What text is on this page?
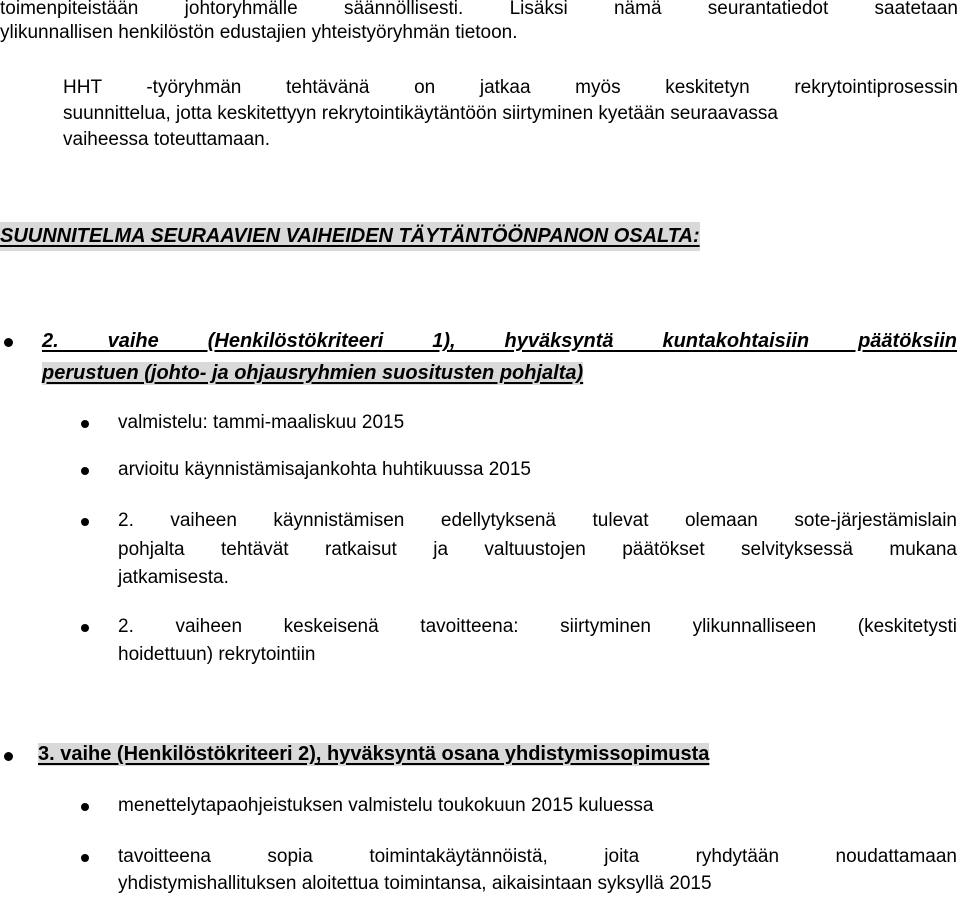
toimenpiteistään johtoryhmälle säännöllisesti. Lisäksi nämä seurantatiedot saatetaan
ylikunnallisen henkilöstön edustajien yhteistyöryhmän tietoon.
HHT -työryhmän tehtävänä on jatkaa myös keskitetyn rekrytointiprosessin
suunnittelua, jotta keskitettyyn rekrytointikäytäntöön siirtyminen kyetään seuraavassa
vaiheessa toteuttamaan.
SUUNNITELMA SEURAAVIEN VAIHEIDEN TÄYTÄNTÖÖNPANON OSALTA:
2. vaihe (Henkilöstökriteeri 1), hyväksyntä kuntakohtaisiin päätöksiin
perustuen (johto- ja ohjausryhmien suositusten pohjalta)
valmistelu: tammi-maaliskuu 2015
arvioitu käynnistämisajankohta huhtikuussa 2015
2. vaiheen käynnistämisen edellytyksenä tulevat olemaan sote-järjestämislain
pohjalta tehtävät ratkaisut ja valtuustojen päätökset selvityksessä mukana
jatkamisesta.
2. vaiheen keskeisenä tavoitteena: siirtyminen ylikunnalliseen (keskitetysti
hoidettuun) rekrytointiin
3. vaihe (Henkilöstökriteeri 2), hyväksyntä osana yhdistymissopimusta
menettelytapaohjeistuksen valmistelu toukokuun 2015 kuluessa
tavoitteena sopia toimintakäytännöistä, joita ryhdytään noudattamaan
yhdistymishallituksen aloitettua toimintansa, aikaisintaan syksyllä 2015
